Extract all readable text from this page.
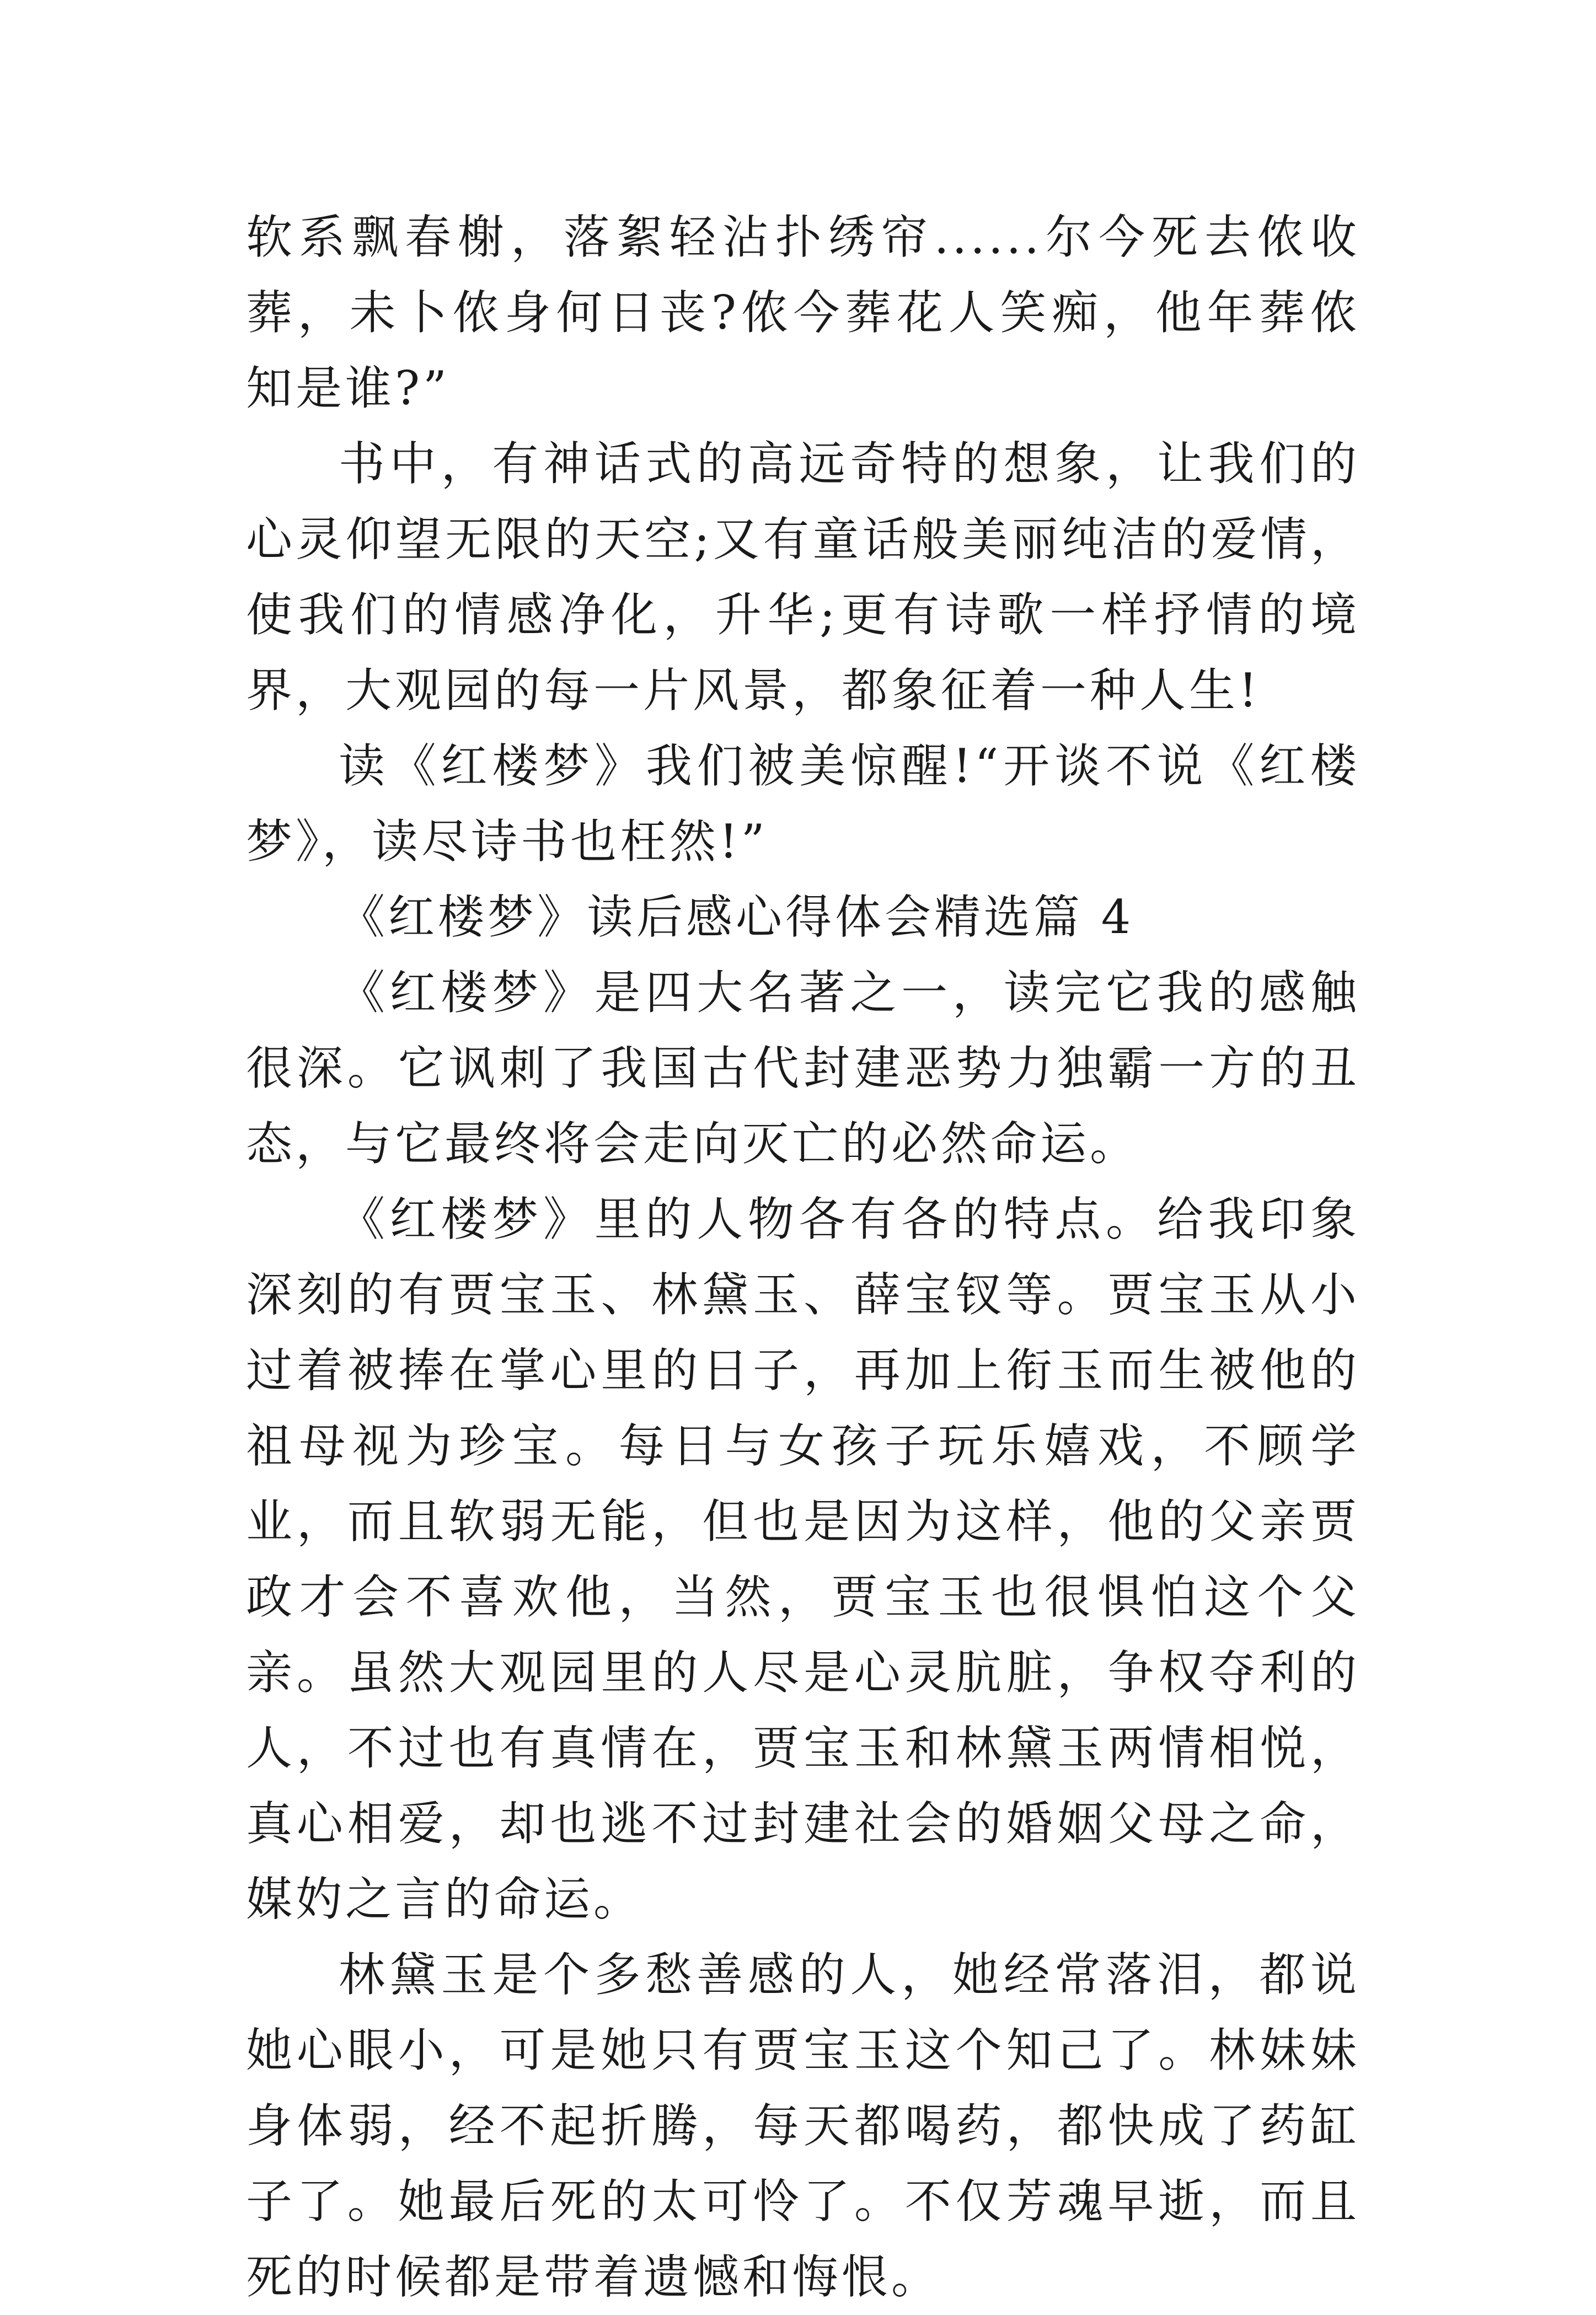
软系飘春榭，落絮轻沾扑绣帘......尔今死去侬收葬，未卜侬身何日丧?侬今葬花人笑痴，他年葬侬知是谁?”

书中，有神话式的高远奇特的想象，让我们的心灵仰望无限的天空;又有童话般美丽纯洁的爱情，使我们的情感净化，升华;更有诗歌一样抒情的境界，大观园的每一片风景，都象征着一种人生!

读《红楼梦》我们被美惊醒!“开谈不说《红楼梦》，读尽诗书也枉然!”

《红楼梦》读后感心得体会精选篇 4

《红楼梦》是四大名著之一，读完它我的感触很深。它讽刺了我国古代封建恶势力独霸一方的丑态，与它最终将会走向灭亡的必然命运。

《红楼梦》里的人物各有各的特点。给我印象深刻的有贾宝玉、林黛玉、薛宝钗等。贾宝玉从小过着被捧在掌心里的日子，再加上衔玉而生被他的祖母视为珍宝。每日与女孩子玩乐嬉戏，不顾学业，而且软弱无能，但也是因为这样，他的父亲贾政才会不喜欢他，当然，贾宝玉也很惧怕这个父亲。虽然大观园里的人尽是心灵肮脏，争权夺利的人，不过也有真情在，贾宝玉和林黛玉两情相悦，真心相爱，却也逃不过封建社会的婚姻父母之命，媒妁之言的命运。

林黛玉是个多愁善感的人，她经常落泪，都说她心眼小，可是她只有贾宝玉这个知己了。林妹妹身体弱，经不起折腾，每天都喝药，都快成了药缸子了。她最后死的太可怜了。不仅芳魂早逝，而且死的时候都是带着遗憾和悔恨。
